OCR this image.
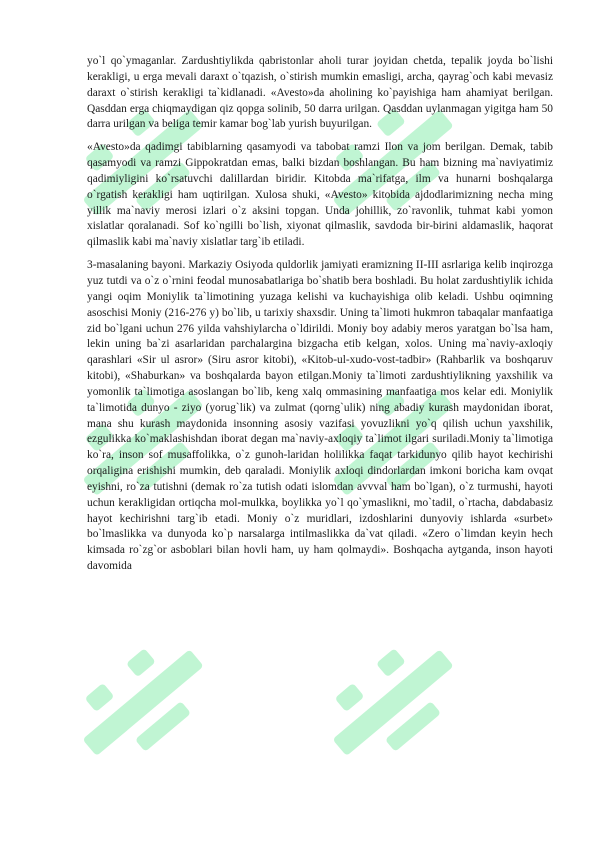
yo`l qo`ymaganlar. Zardushtiylikda qabristonlar aholi turar joyidan chetda, tepalik joyda bo`lishi kerakligi, u erga mevali daraxt o`tqazish, o`stirish mumkin emasligi, archa, qayrag`och kabi mevasiz daraxt o`stirish kerakligi ta`kidlanadi. «Avesto»da aholining ko`payishiga ham ahamiyat berilgan. Qasddan erga chiqmaydigan qiz qopga solinib, 50 darra urilgan. Qasddan uylanmagan yigitga ham 50 darra urilgan va beliga temir kamar bog`lab yurish buyurilgan.

«Avesto»da qadimgi tabiblarning qasamyodi va tabobat ramzi Ilon va jom berilgan. Demak, tabib qasamyodi va ramzi Gippokratdan emas, balki bizdan boshlangan. Bu ham bizning ma`naviyatimiz qadimiyligini ko`rsatuvchi dalillardan biridir. Kitobda ma`rifatga, ilm va hunarni boshqalarga o`rgatish kerakligi ham uqtirilgan. Xulosa shuki, «Avesto» kitobida ajdodlarimizning necha ming yillik ma`naviy merosi izlari o`z aksini topgan. Unda johillik, zo`ravonlik, tuhmat kabi yomon xislatlar qoralanadi. Sof ko`ngilli bo`lish, xiyonat qilmaslik, savdoda bir-birini aldamaslik, haqorat qilmaslik kabi ma`naviy xislatlar targ`ib etiladi.

3-masalaning bayoni. Markaziy Osiyoda quldorlik jamiyati eramizning II-III asrlariga kelib inqirozga yuz tutdi va o`z o`rnini feodal munosabatlariga bo`shatib bera boshladi. Bu holat zardushtiylik ichida yangi oqim Moniylik ta`limotining yuzaga kelishi va kuchayishiga olib keladi. Ushbu oqimning asoschisi Moniy (216-276 y) bo`lib, u tarixiy shaxsdir. Uning ta`limoti hukmron tabaqalar manfaatiga zid bo`lgani uchun 276 yilda vahshiylarcha o`ldirildi. Moniy boy adabiy meros yaratgan bo`lsa ham, lekin uning ba`zi asarlaridan parchalargina bizgacha etib kelgan, xolos. Uning ma`naviy-axloqiy qarashlari «Sir ul asror» (Siru asror kitobi), «Kitob-ul-xudo-vost-tadbir» (Rahbarlik va boshqaruv kitobi), «Shaburkan» va boshqalarda bayon etilgan.Moniy ta`limoti zardushtiylikning yaxshilik va yomonlik ta`limotiga asoslangan bo`lib, keng xalq ommasining manfaatiga mos kelar edi. Moniylik ta`limotida dunyo - ziyo (yorug`lik) va zulmat (qorng`ulik) ning abadiy kurash maydonidan iborat, mana shu kurash maydonida insonning asosiy vazifasi yovuzlikni yo`q qilish uchun yaxshilik, ezgulikka ko`maklashishdan iborat degan ma`naviy-axloqiy ta`limot ilgari suriladi.Moniy ta`limotiga ko`ra, inson sof musaffolikka, o`z gunoh-laridan holilikka faqat tarkidunyo qilib hayot kechirishi orqaligina erishishi mumkin, deb qaraladi. Moniylik axloqi dindorlardan imkoni boricha kam ovqat eyishni, ro`za tutishni (demak ro`za tutish odati islomdan avvval ham bo`lgan), o`z turmushi, hayoti uchun kerakligidan ortiqcha mol-mulkka, boylikka yo`l qo`ymaslikni, mo`tadil, o`rtacha, dabdabasiz hayot kechirishni targ`ib etadi. Moniy o`z muridlari, izdoshlarini dunyoviy ishlarda «surbet» bo`lmaslikka va dunyoda ko`p narsalarga intilmaslikka da`vat qiladi. «Zero o`limdan keyin hech kimsada ro`zg`or asboblari bilan hovli ham, uy ham qolmaydi». Boshqacha aytganda, inson hayoti davomida
